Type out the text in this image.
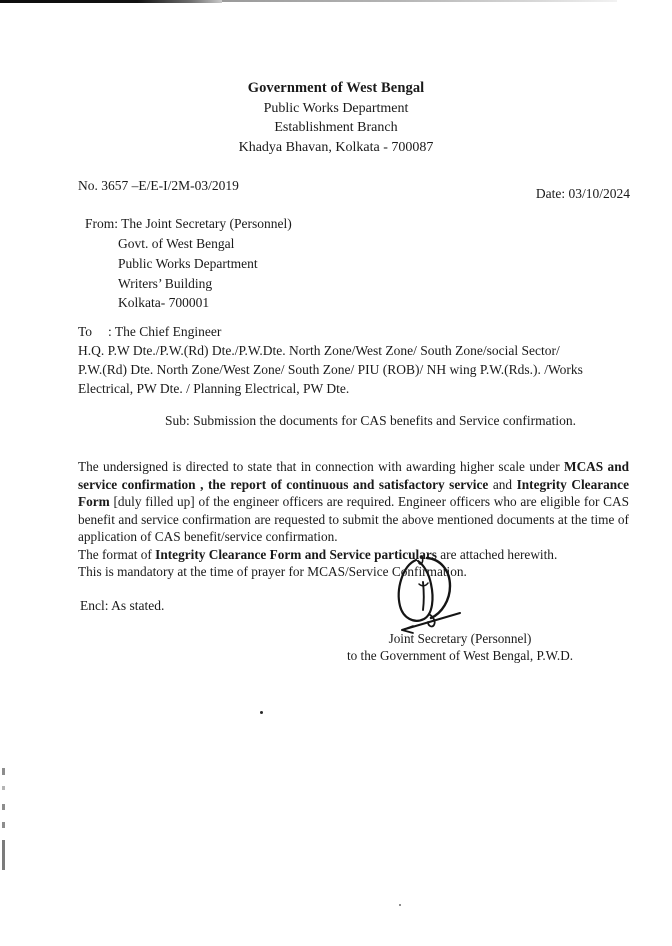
Government of West Bengal
Public Works Department
Establishment Branch
Khadya Bhavan, Kolkata - 700087
No. 3657 –E/E-I/2M-03/2019
Date: 03/10/2024
From: The Joint Secretary (Personnel)
Govt. of West Bengal
Public Works Department
Writers’ Building
Kolkata- 700001
To : The Chief Engineer
H.Q. P.W Dte./P.W.(Rd) Dte./P.W.Dte. North Zone/West Zone/ South Zone/social Sector/
P.W.(Rd) Dte. North Zone/West Zone/ South Zone/ PIU (ROB)/ NH wing P.W.(Rds.). /Works
Electrical, PW Dte. / Planning Electrical, PW Dte.
Sub: Submission the documents for CAS benefits and Service confirmation.

The undersigned is directed to state that in connection with awarding higher scale under MCAS and service confirmation , the report of continuous and satisfactory service and Integrity Clearance Form [duly filled up] of the engineer officers are required. Engineer officers who are eligible for CAS benefit and service confirmation are requested to submit the above mentioned documents at the time of application of CAS benefit/service confirmation.

The format of Integrity Clearance Form and Service particulars are attached herewith.

This is mandatory at the time of prayer for MCAS/Service Confirmation.

Encl: As stated.
Joint Secretary (Personnel)
to the Government of West Bengal, P.W.D.
